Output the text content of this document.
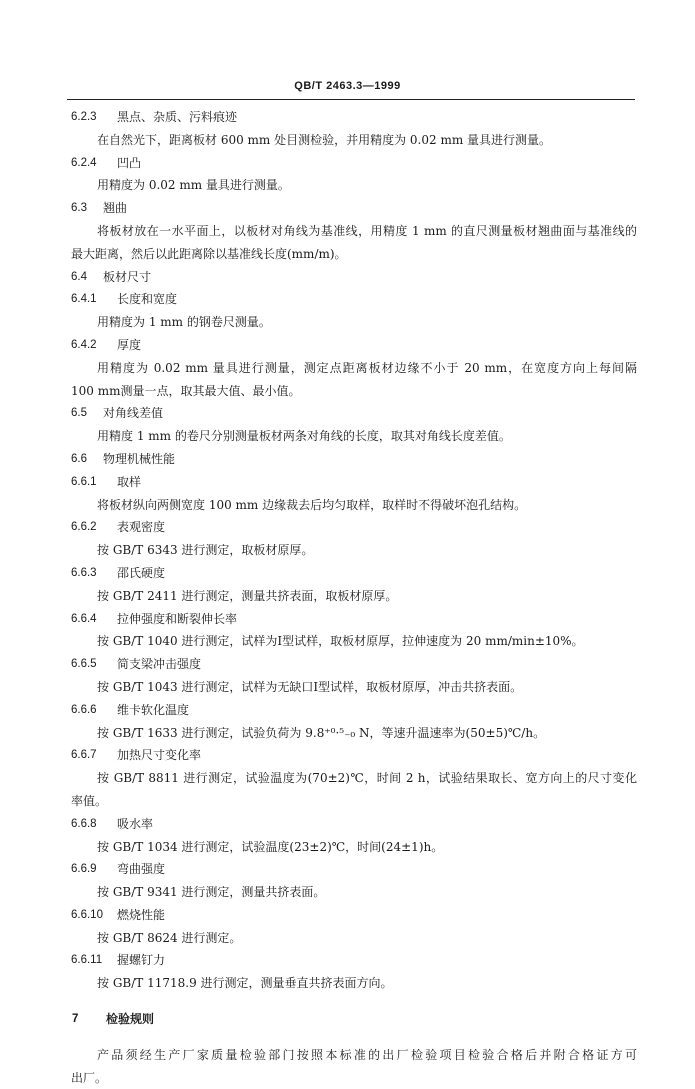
QB/T 2463.3—1999
6.2.3 黑点、杂质、污料痕迹
在自然光下，距离板材 600 mm 处目测检验，并用精度为 0.02 mm 量具进行测量。
6.2.4 凹凸
用精度为 0.02 mm 量具进行测量。
6.3 翘曲
将板材放在一水平面上，以板材对角线为基准线，用精度 1 mm 的直尺测量板材翘曲面与基准线的
最大距离，然后以此距离除以基准线长度(mm/m)。
6.4 板材尺寸
6.4.1 长度和宽度
用精度为 1 mm 的钢卷尺测量。
6.4.2 厚度
用精度为 0.02 mm 量具进行测量，测定点距离板材边缘不小于 20 mm，在宽度方向上每间隔
100 mm测量一点，取其最大值、最小值。
6.5 对角线差值
用精度 1 mm 的卷尺分别测量板材两条对角线的长度，取其对角线长度差值。
6.6 物理机械性能
6.6.1 取样
将板材纵向两侧宽度 100 mm 边缘裁去后均匀取样，取样时不得破坏泡孔结构。
6.6.2 表观密度
按 GB/T 6343 进行测定，取板材原厚。
6.6.3 邵氏硬度
按 GB/T 2411 进行测定，测量共挤表面，取板材原厚。
6.6.4 拉伸强度和断裂伸长率
按 GB/T 1040 进行测定，试样为Ⅰ型试样，取板材原厚，拉伸速度为 20 mm/min±10%。
6.6.5 简支梁冲击强度
按 GB/T 1043 进行测定，试样为无缺口Ⅰ型试样，取板材原厚，冲击共挤表面。
6.6.6 维卡软化温度
按 GB/T 1633 进行测定，试验负荷为 9.8⁺⁰·⁵₋₀ N，等速升温速率为(50±5)℃/h。
6.6.7 加热尺寸变化率
按 GB/T 8811 进行测定，试验温度为(70±2)℃，时间 2 h，试验结果取长、宽方向上的尺寸变化
率值。
6.6.8 吸水率
按 GB/T 1034 进行测定，试验温度(23±2)℃，时间(24±1)h。
6.6.9 弯曲强度
按 GB/T 9341 进行测定，测量共挤表面。
6.6.10 燃烧性能
按 GB/T 8624 进行测定。
6.6.11 握螺钉力
按 GB/T 11718.9 进行测定，测量垂直共挤表面方向。
7 检验规则
产品须经生产厂家质量检验部门按照本标准的出厂检验项目检验合格后并附合格证方可
出厂。
